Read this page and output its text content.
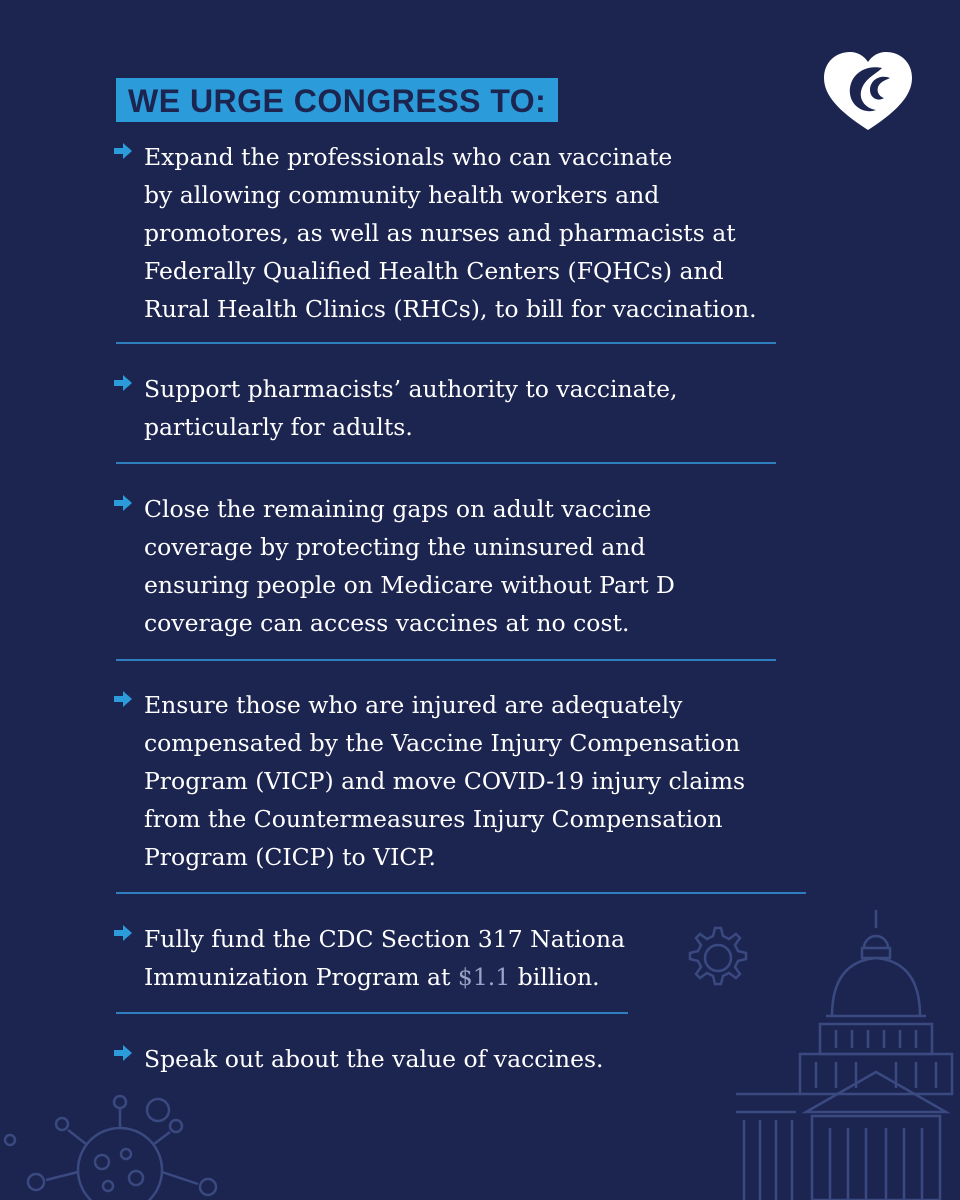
WE URGE CONGRESS TO:
Expand the professionals who can vaccinate
by allowing community health workers and
promotores, as well as nurses and pharmacists at
Federally Qualified Health Centers (FQHCs) and
Rural Health Clinics (RHCs), to bill for vaccination.
Support pharmacists’ authority to vaccinate,
particularly for adults.
Close the remaining gaps on adult vaccine
coverage by protecting the uninsured and
ensuring people on Medicare without Part D
coverage can access vaccines at no cost.
Ensure those who are injured are adequately
compensated by the Vaccine Injury Compensation
Program (VICP) and move COVID-19 injury claims
from the Countermeasures Injury Compensation
Program (CICP) to VICP.
Fully fund the CDC Section 317 Nationa
Immunization Program at $1.1 billion.
Speak out about the value of vaccines.
